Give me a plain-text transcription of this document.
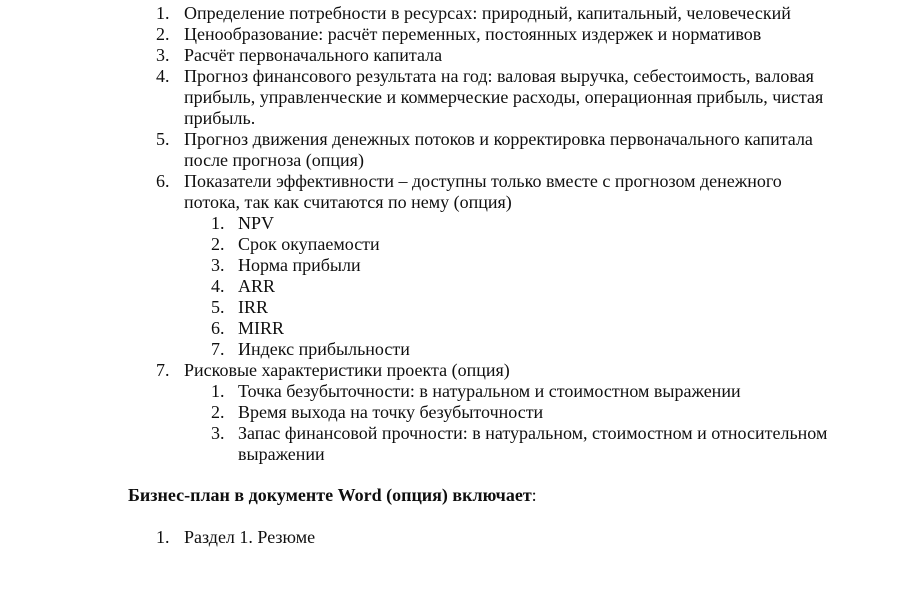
1. Определение потребности в ресурсах: природный, капитальный, человеческий
2. Ценообразование: расчёт переменных, постоянных издержек и нормативов
3. Расчёт первоначального капитала
4. Прогноз финансового результата на год: валовая выручка, себестоимость, валовая прибыль, управленческие и коммерческие расходы, операционная прибыль, чистая прибыль.
5. Прогноз движения денежных потоков и корректировка первоначального капитала после прогноза (опция)
6. Показатели эффективности – доступны только вместе с прогнозом денежного потока, так как считаются по нему (опция)
1. NPV
2. Срок окупаемости
3. Норма прибыли
4. ARR
5. IRR
6. MIRR
7. Индекс прибыльности
7. Рисковые характеристики проекта (опция)
1. Точка безубыточности: в натуральном и стоимостном выражении
2. Время выхода на точку безубыточности
3. Запас финансовой прочности: в натуральном, стоимостном и относительном выражении
Бизнес-план в документе Word (опция) включает:
1. Раздел 1. Резюме
